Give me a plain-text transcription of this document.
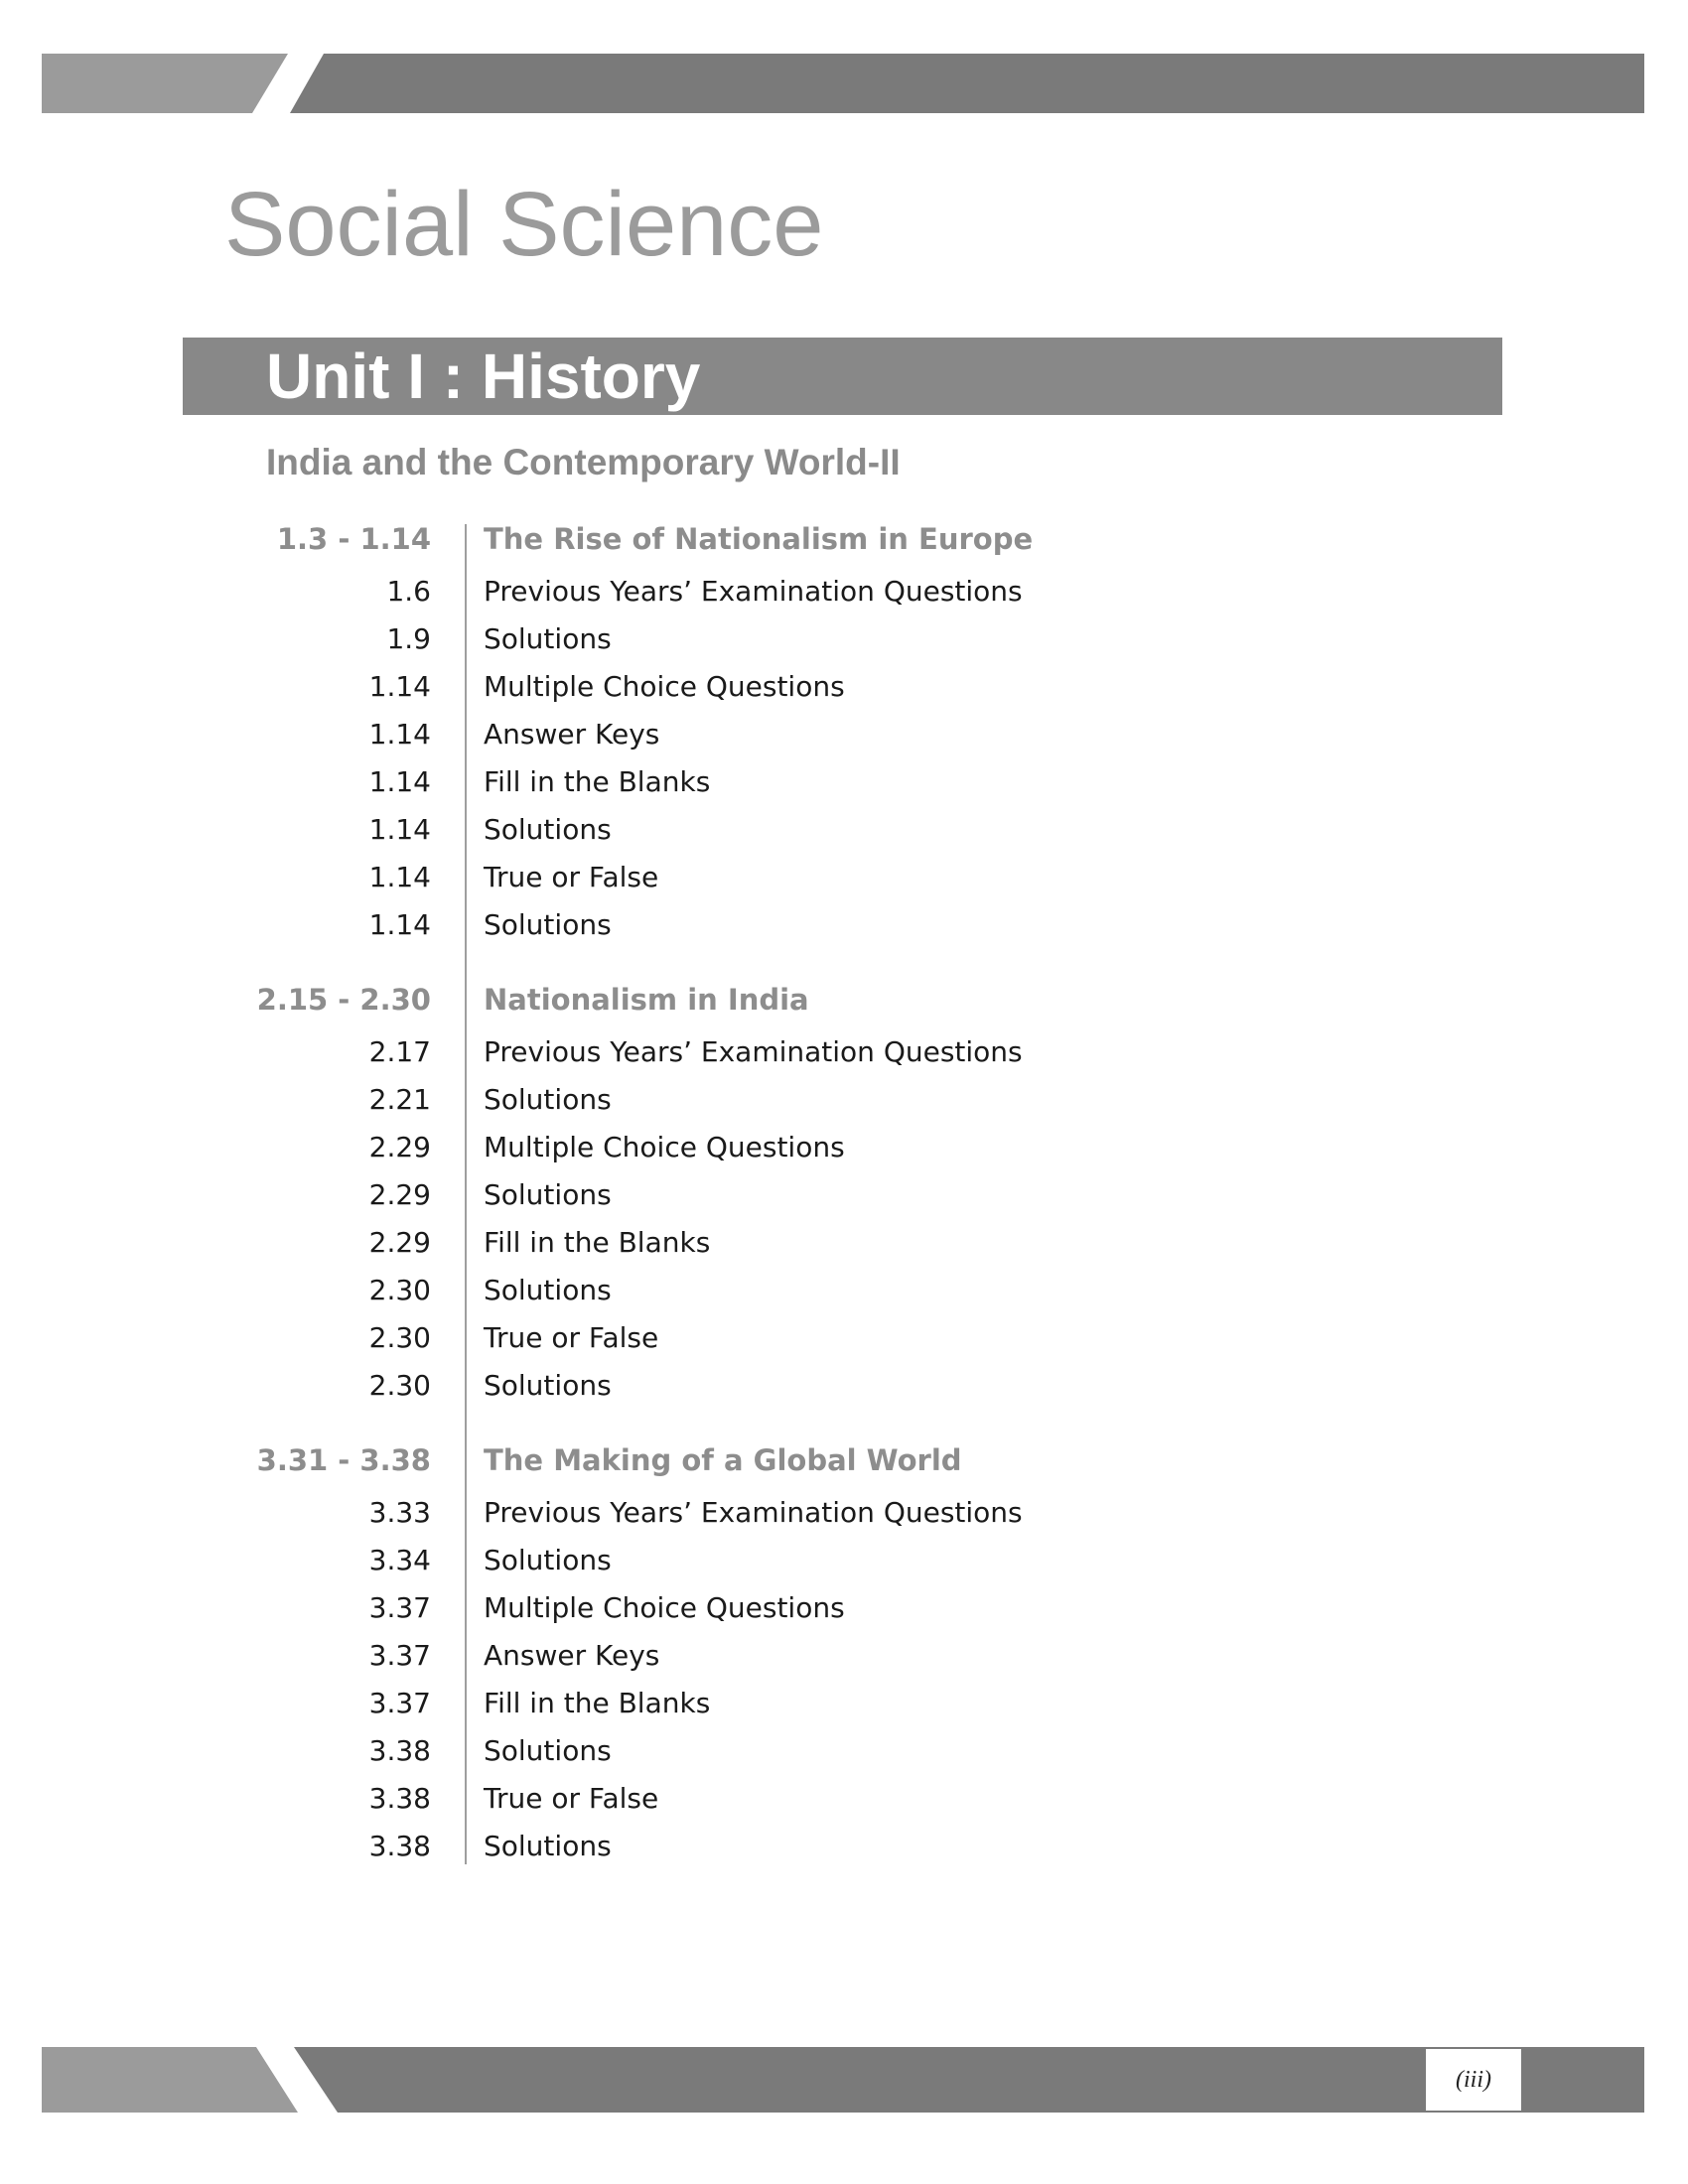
Social Science
Unit I : History
India and the Contemporary World-II
1.3 - 1.14 The Rise of Nationalism in Europe
1.6 Previous Years’ Examination Questions
1.9 Solutions
1.14 Multiple Choice Questions
1.14 Answer Keys
1.14 Fill in the Blanks
1.14 Solutions
1.14 True or False
1.14 Solutions
2.15 - 2.30 Nationalism in India
2.17 Previous Years’ Examination Questions
2.21 Solutions
2.29 Multiple Choice Questions
2.29 Solutions
2.29 Fill in the Blanks
2.30 Solutions
2.30 True or False
2.30 Solutions
3.31 - 3.38 The Making of a Global World
3.33 Previous Years’ Examination Questions
3.34 Solutions
3.37 Multiple Choice Questions
3.37 Answer Keys
3.37 Fill in the Blanks
3.38 Solutions
3.38 True or False
3.38 Solutions
(iii)
